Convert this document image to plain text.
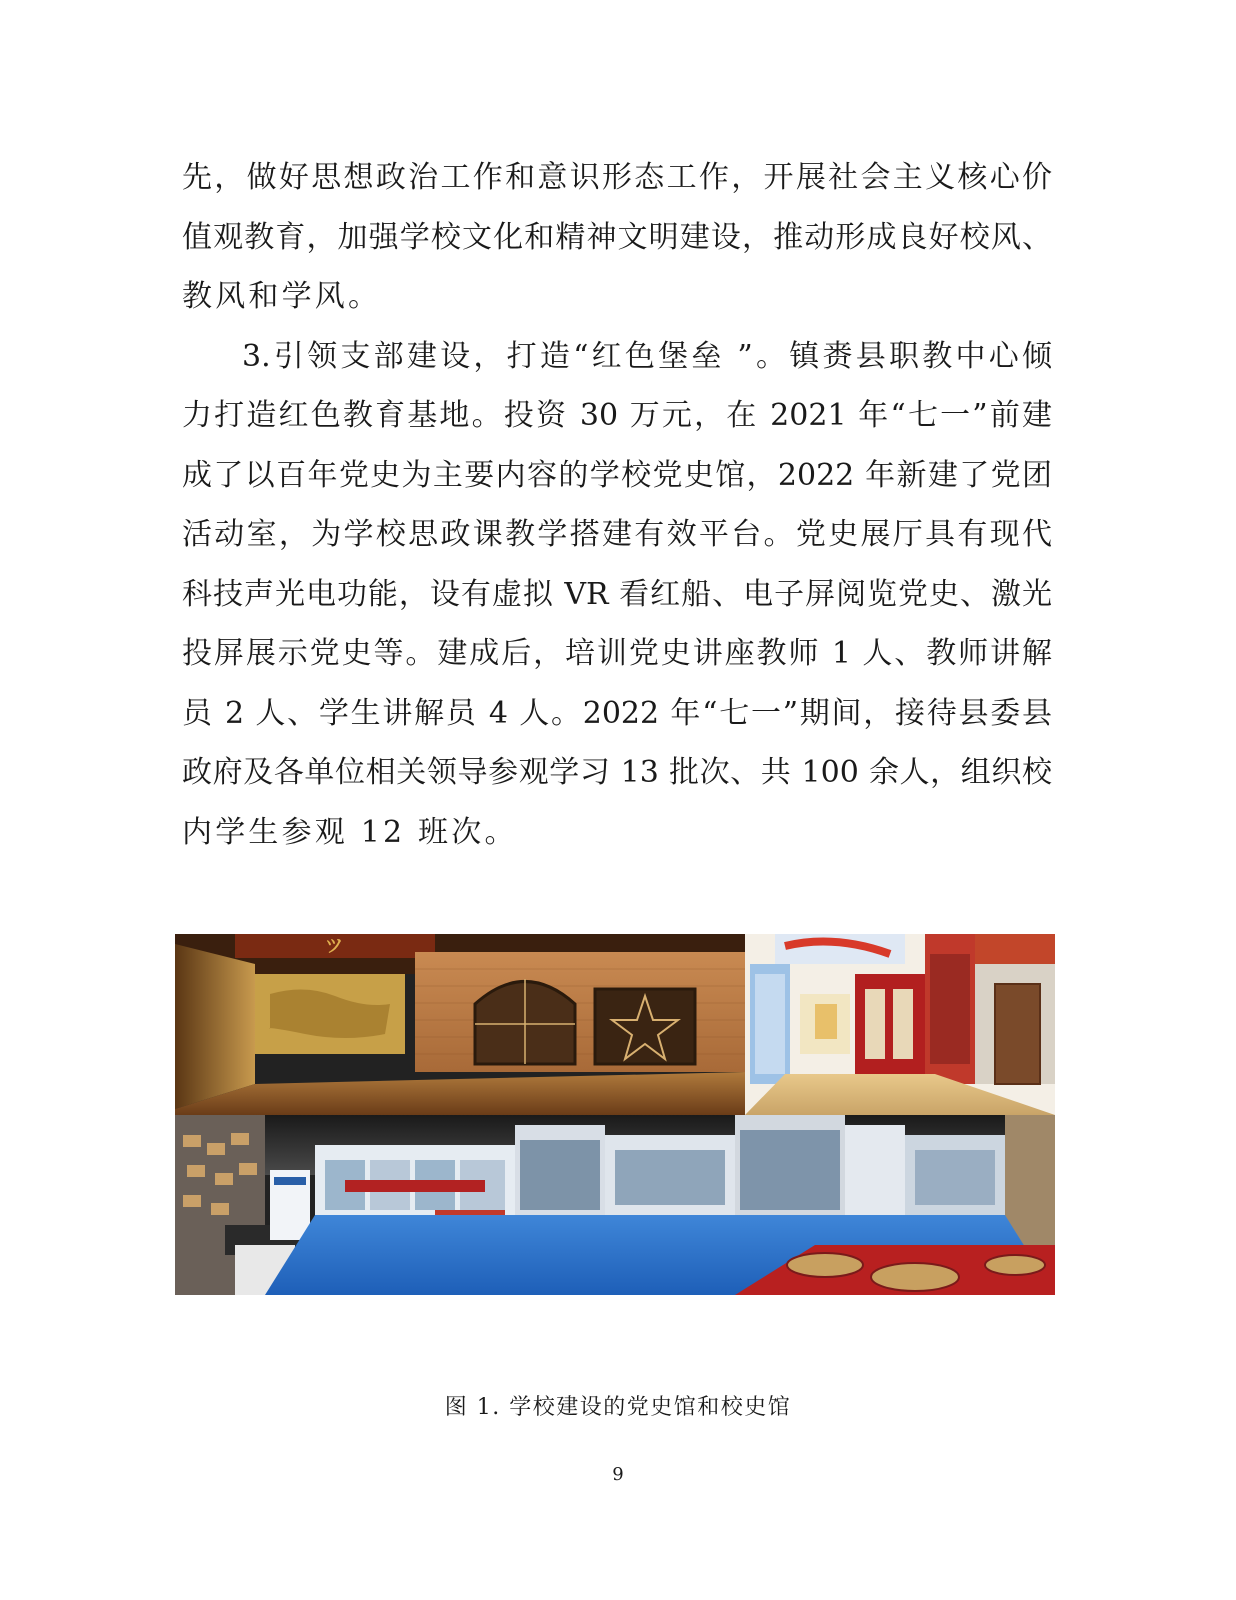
先，做好思想政治工作和意识形态工作，开展社会主义核心价
值观教育，加强学校文化和精神文明建设，推动形成良好校风、
教风和学风。
3.引领支部建设，打造“红色堡垒 ”。镇赉县职教中心倾
力打造红色教育基地。投资 30 万元，在 2021 年“七一”前建
成了以百年党史为主要内容的学校党史馆，2022 年新建了党团
活动室，为学校思政课教学搭建有效平台。党史展厅具有现代
科技声光电功能，设有虚拟 VR 看红船、电子屏阅览党史、激光
投屏展示党史等。建成后，培训党史讲座教师 1 人、教师讲解
员 2 人、学生讲解员 4 人。2022 年“七一”期间，接待县委县
政府及各单位相关领导参观学习 13 批次、共 100 余人，组织校
内学生参观 12 班次。
ツ
图 1. 学校建设的党史馆和校史馆
9
